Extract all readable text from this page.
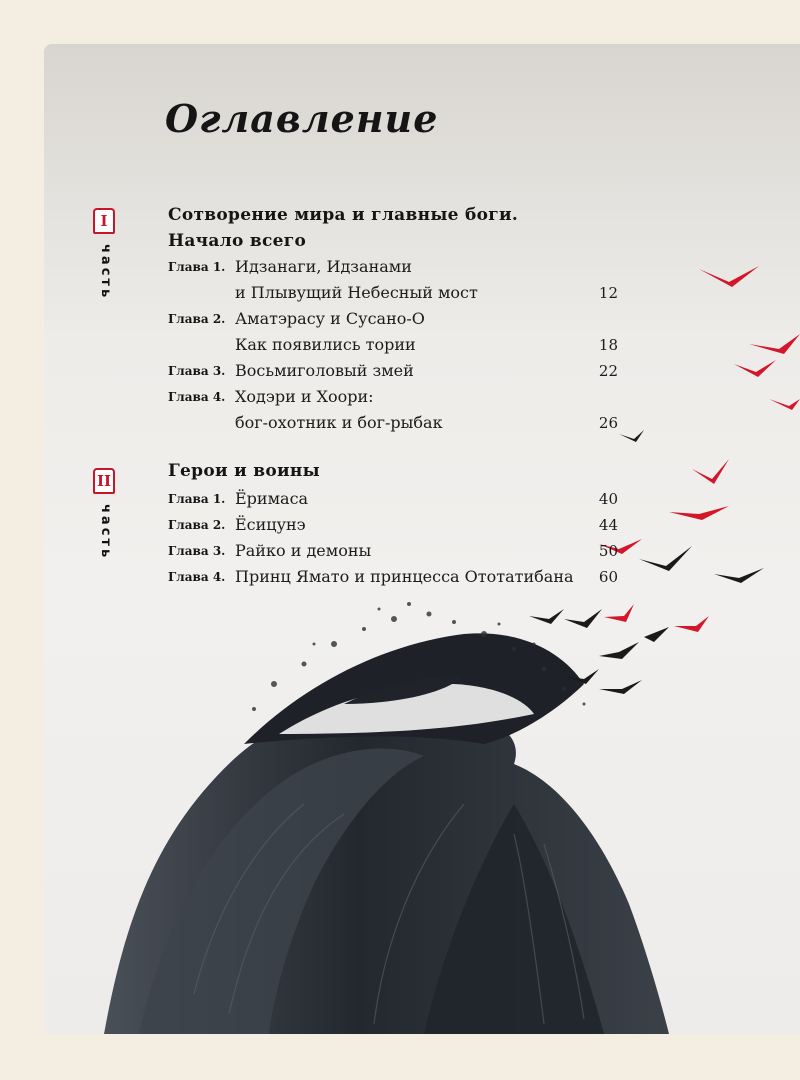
Оглавление
I
часть
II
часть
Сотворение мира и главные боги.
Начало всего
Глава 1. Идзанаги, Идзанами
и Плывущий Небесный мост	12
Глава 2. Аматэрасу и Сусано-О
Как появились тории	18
Глава 3. Восьмиголовый змей	22
Глава 4. Ходэри и Хоори:
бог-охотник и бог-рыбак	26
Герои и воины
Глава 1. Ёримаса	40
Глава 2. Ёсицунэ	44
Глава 3. Райко и демоны	50
Глава 4. Принц Ямато и принцесса Ототатибана 60
